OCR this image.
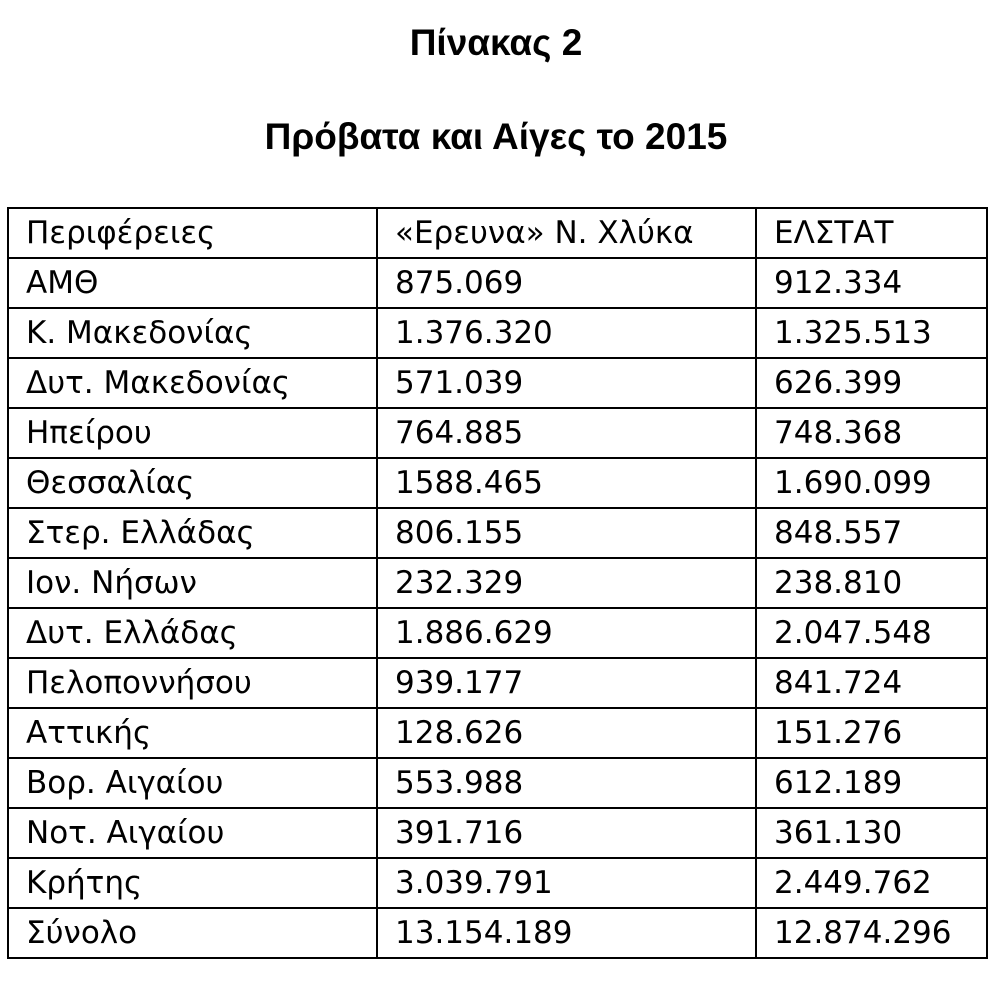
Πίνακας 2
Πρόβατα και Αίγες το 2015
Περιφέρειες	«Ερευνα» Ν. Χλύκα	ΕΛΣΤΑΤ
ΑΜΘ	875.069	912.334
Κ. Μακεδονίας	1.376.320	1.325.513
Δυτ. Μακεδονίας	571.039	626.399
Ηπείρου	764.885	748.368
Θεσσαλίας	1588.465	1.690.099
Στερ. Ελλάδας	806.155	848.557
Ιον. Νήσων	232.329	238.810
Δυτ. Ελλάδας	1.886.629	2.047.548
Πελοποννήσου	939.177	841.724
Αττικής	128.626	151.276
Βορ. Αιγαίου	553.988	612.189
Νοτ. Αιγαίου	391.716	361.130
Κρήτης	3.039.791	2.449.762
Σύνολο	13.154.189	12.874.296
